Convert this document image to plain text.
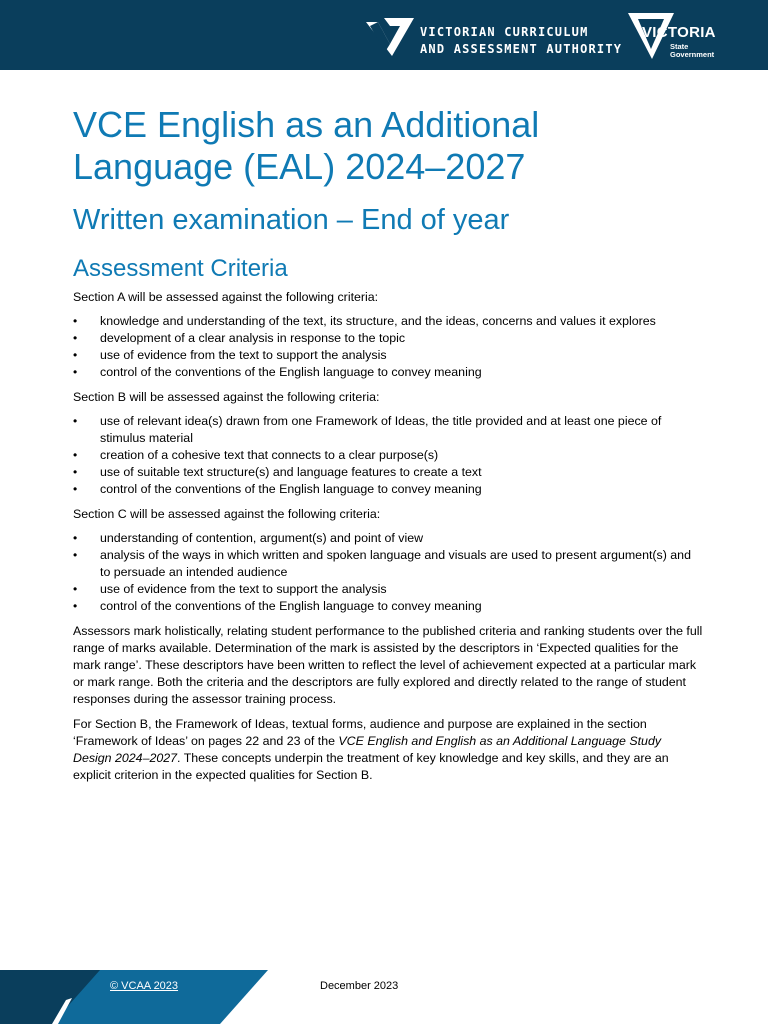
VICTORIAN CURRICULUM
AND ASSESSMENT AUTHORITY
VICTORIA
State
Government
VCE English as an Additional
Language (EAL) 2024–2027
Written examination – End of year
Assessment Criteria

Section A will be assessed against the following criteria:

• knowledge and understanding of the text, its structure, and the ideas, concerns and values it explores
• development of a clear analysis in response to the topic
• use of evidence from the text to support the analysis
• control of the conventions of the English language to convey meaning

Section B will be assessed against the following criteria:

• use of relevant idea(s) drawn from one Framework of Ideas, the title provided and at least one piece of stimulus material
• creation of a cohesive text that connects to a clear purpose(s)
• use of suitable text structure(s) and language features to create a text
• control of the conventions of the English language to convey meaning

Section C will be assessed against the following criteria:

• understanding of contention, argument(s) and point of view
• analysis of the ways in which written and spoken language and visuals are used to present argument(s) and to persuade an intended audience
• use of evidence from the text to support the analysis
• control of the conventions of the English language to convey meaning

Assessors mark holistically, relating student performance to the published criteria and ranking students over the full range of marks available. Determination of the mark is assisted by the descriptors in ‘Expected qualities for the mark range’. These descriptors have been written to reflect the level of achievement expected at a particular mark or mark range. Both the criteria and the descriptors are fully explored and directly related to the range of student responses during the assessor training process.

For Section B, the Framework of Ideas, textual forms, audience and purpose are explained in the section ‘Framework of Ideas’ on pages 22 and 23 of the VCE English and English as an Additional Language Study Design 2024–2027. These concepts underpin the treatment of key knowledge and key skills, and they are an explicit criterion in the expected qualities for Section B.

© VCAA 2023	December 2023
